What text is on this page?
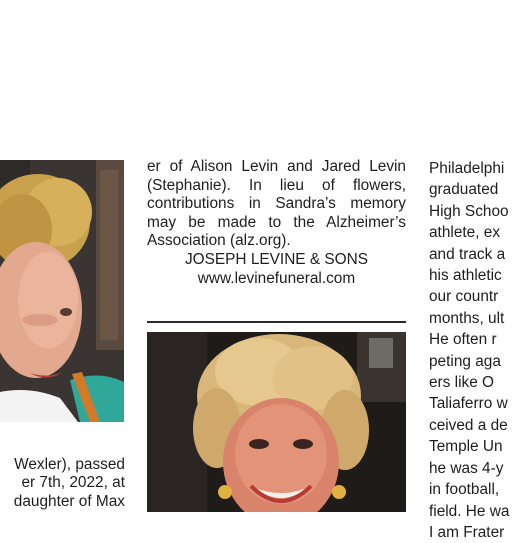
Wexler), passed
er 7th, 2022, at
daughter of Max
er of Alison Levin and Jared Levin
(Stephanie). In lieu of flowers,
contributions in Sandra’s memory
may be made to the Alzheimer’s
Association (alz.org).
JOSEPH LEVINE & SONS
www.levinefuneral.com
Philadelphi
graduated
High Schoo
athlete, ex
and track a
his athletic
our countr
months, ult
He often r
peting aga
ers like O
Taliaferro w
ceived a de
Temple Un
he was 4-y
in football,
field. He wa
I am Frater
